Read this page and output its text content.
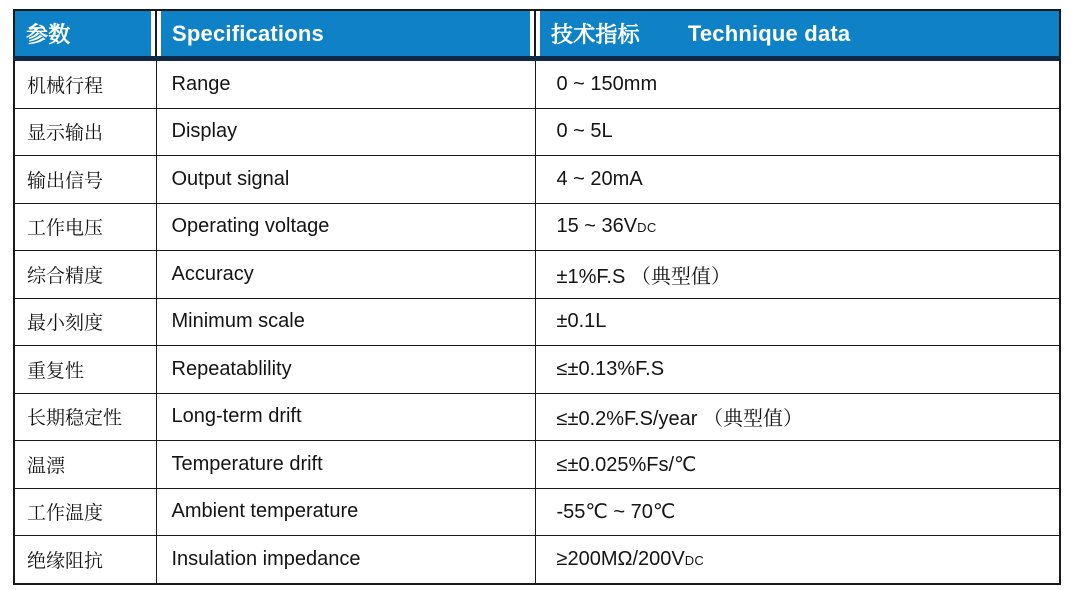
参数	Specifications	技术指标 Technique data

机械行程	Range	0 ~ 150mm
显示输出	Display	0 ~ 5L
输出信号	Output signal	4 ~ 20mA
工作电压	Operating voltage	15 ~ 36VDC
综合精度	Accuracy	±1%F.S （典型值）
最小刻度	Minimum scale	±0.1L
重复性	Repeatablility	≤±0.13%F.S
长期稳定性	Long-term drift	≤±0.2%F.S/year （典型值）
温漂	Temperature drift	≤±0.025%Fs/℃
工作温度	Ambient temperature	-55℃ ~ 70℃
绝缘阻抗	Insulation impedance	≥200MΩ/200VDC
